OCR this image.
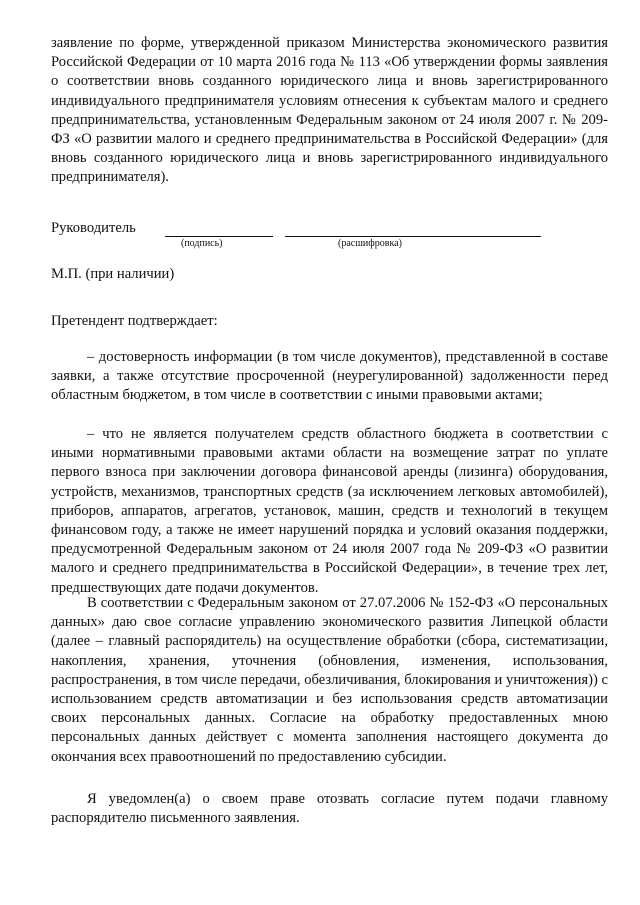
заявление по форме, утвержденной приказом Министерства экономического развития Российской Федерации от 10 марта 2016 года № 113 «Об утверждении формы заявления о соответствии вновь созданного юридического лица и вновь зарегистрированного индивидуального предпринимателя условиям отнесения к субъектам малого и среднего предпринимательства, установленным Федеральным законом от 24 июля 2007 г. № 209-ФЗ «О развитии малого и среднего предпринимательства в Российской Федерации» (для вновь созданного юридического лица и вновь зарегистрированного индивидуального предпринимателя).

Руководитель
(подпись)	(расшифровка)
М.П. (при наличии)
Претендент подтверждает:

– достоверность информации (в том числе документов), представленной в составе заявки, а также отсутствие просроченной (неурегулированной) задолженности перед областным бюджетом, в том числе в соответствии с иными правовыми актами;

– что не является получателем средств областного бюджета в соответствии с иными нормативными правовыми актами области на возмещение затрат по уплате первого взноса при заключении договора финансовой аренды (лизинга) оборудования, устройств, механизмов, транспортных средств (за исключением легковых автомобилей), приборов, аппаратов, агрегатов, установок, машин, средств и технологий в текущем финансовом году, а также не имеет нарушений порядка и условий оказания поддержки, предусмотренной Федеральным законом от 24 июля 2007 года № 209-ФЗ «О развитии малого и среднего предпринимательства в Российской Федерации», в течение трех лет, предшествующих дате подачи документов.

В соответствии с Федеральным законом от 27.07.2006 № 152-ФЗ «О персональных данных» даю свое согласие управлению экономического развития Липецкой области (далее – главный распорядитель) на осуществление обработки (сбора, систематизации, накопления, хранения, уточнения (обновления, изменения, использования, распространения, в том числе передачи, обезличивания, блокирования и уничтожения)) с использованием средств автоматизации и без использования средств автоматизации своих персональных данных. Согласие на обработку предоставленных мною персональных данных действует с момента заполнения настоящего документа до окончания всех правоотношений по предоставлению субсидии.

Я уведомлен(а) о своем праве отозвать согласие путем подачи главному распорядителю письменного заявления.
